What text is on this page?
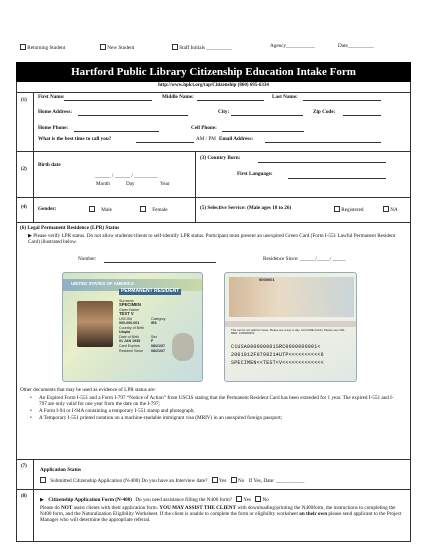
Returning Student	New Student	Staff Initials __________	Agency___________	Date__________
Hartford Public Library Citizenship Education Intake Form
http://www.hplct.org/tap/Citizenship (860) 695-6334
(1)
First Name:	Middle Name:	Last Name:
Home Address:	City:	Zip Code:
Home Phone:	Cell Phone:
What is the best time to call you?	AM / PM Email Address:
(2)
Birth date
______ / ______ / _________
Month	Day	Year
(3) Country Born:
First Language:
(4) Gender:	Male	Female	(5) Selective Service: (Male ages 18 to 26)	Registered	NA
(6) Legal Permanent Residence (LPR) Status
▶ Please verify LPR status. Do not allow students/clients to self-identify LPR status. Participant must present an unexpired Green Card (Form I-551 Lawful Permanent Resident Card) illustrated below.
Number:	Residence Since: ______/_____/ _____
UNITED STATES OF AMERICA
PERMANENT RESIDENT
Surname
SPECIMEN
Given Name
TEST V
USCIS#
000-000-001
Category
IR6
Country of Birth
Utopia
Date of Birth
01 JAN 1935
Sex
F
Card Expires	08/21/07
Resident Since 08/21/07
0000001
This card is not valid for travel. Please see a day to day. CA/CORE GACD, Please see USA MED. 1000000000
C1USA000000001SRC0000000001<
2001012F0708214UTP<<<<<<<<<<6
SPECIMEN<<TEST<V<<<<<<<<<<<<<
Other documents that may be used as evidence of LPR status are:
• An Expired Form I-551 and a Form I-797 “Notice of Action” from USCIS stating that the Permanent Resident Card has been extended for 1 year. The expired I-551 and I-797 are only valid for one year from the date on the I-797;
• A Form I-94 or I-94A containing a temporary I-551 stamp and photograph;
• A Temporary I-551 printed notation on a machine-readable immigrant visa (MRIV) in an unexpired foreign passport;
(7)
Application Status
Submitted Citizenship Application (N-400) Do you have an Interview date? Yes No If Yes, Date: ___________
(8)
▶ Citizenship Application Form (N-400) Do you need assistance filling the N400 form? Yes No
Please do NOT assist clients with their application form. YOU MAY ASSIST THE CLIENT with downloading/printing the N400form, the instructions to completing the N400 form, and the Naturalization Eligibility Worksheet. If the client is unable to complete the form or eligibility worksheet on their own please send applicant to the Project Manager who will determine the appropriate referral.
